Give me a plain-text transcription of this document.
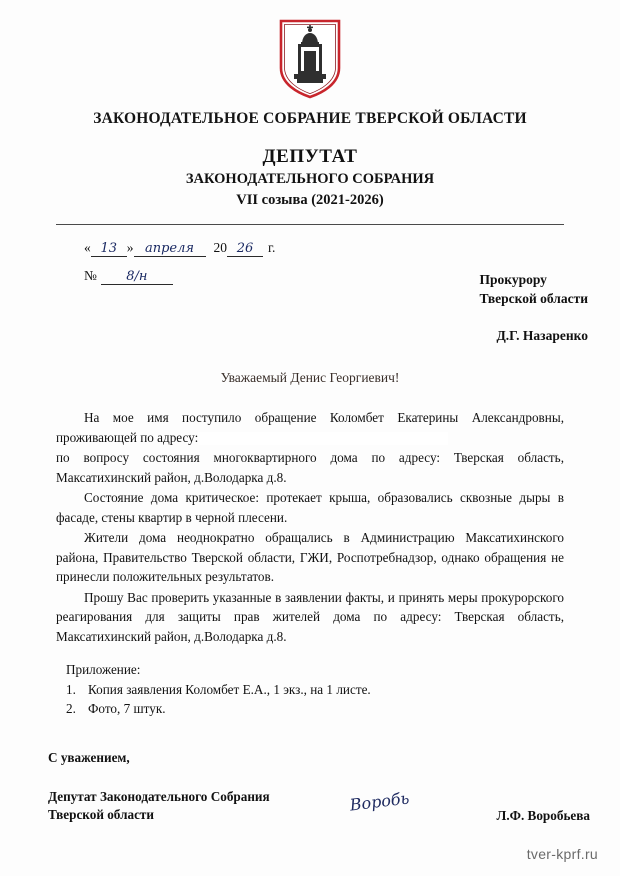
ЗАКОНОДАТЕЛЬНОЕ СОБРАНИЕ ТВЕРСКОЙ ОБЛАСТИ
ДЕПУТАТ
ЗАКОНОДАТЕЛЬНОГО СОБРАНИЯ
VII созыва (2021-2026)
« 13 » апреля	20 26	г.
№	8/н	Прокурору
Тверской области
Д.Г. Назаренко
Уважаемый Денис Георгиевич!

На мое имя поступило обращение Коломбет Екатерины Александровны, проживающей по адресу:

по вопросу состояния многоквартирного дома по адресу: Тверская область, Максатихинский район, д.Володарка д.8.

Состояние дома критическое: протекает крыша, образовались сквозные дыры в фасаде, стены квартир в черной плесени.

Жители дома неоднократно обращались в Администрацию Максатихинского района, Правительство Тверской области, ГЖИ, Роспотребнадзор, однако обращения не принесли положительных результатов.

Прошу Вас проверить указанные в заявлении факты, и принять меры прокурорского реагирования для защиты прав жителей дома по адресу: Тверская область, Максатихинский район, д.Володарка д.8.

Приложение:
1. Копия заявления Коломбет Е.А., 1 экз., на 1 листе.
2. Фото, 7 штук.
С уважением,
Депутат Законодательного Собрания
Тверской области	Воробь
Л.Ф. Воробьева
tver-kprf.ru
